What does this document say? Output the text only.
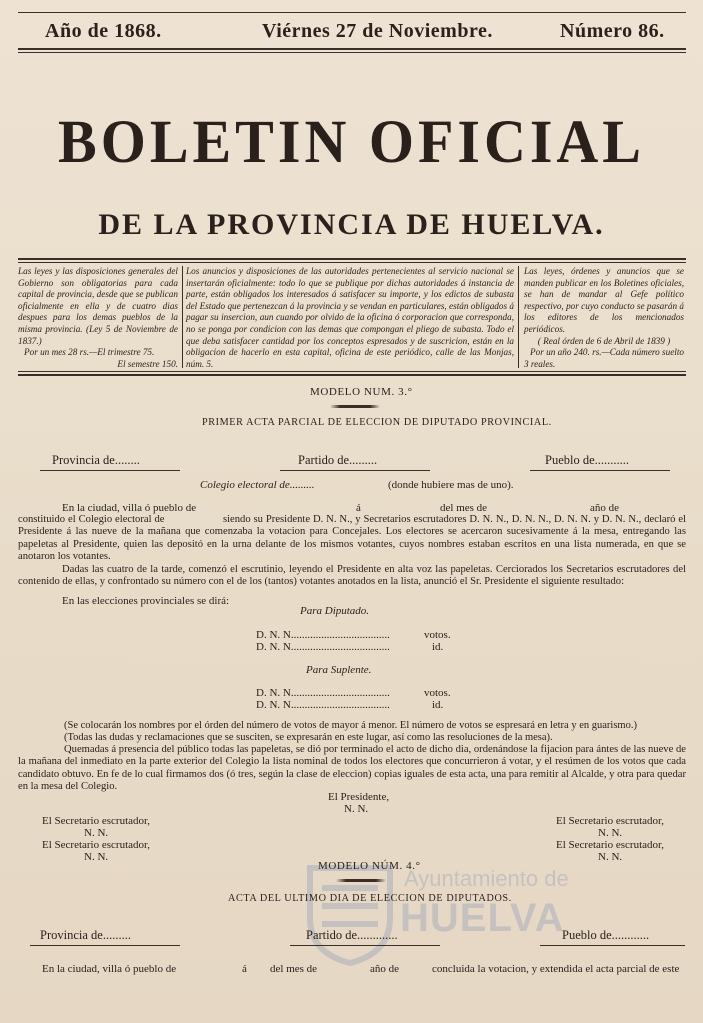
Año de 1868.	Viérnes 27 de Noviembre.	Número 86.
BOLETIN OFICIAL
DE LA PROVINCIA DE HUELVA.
Las leyes y las disposiciones generales del Gobierno son obligatorias para cada capital de provincia, desde que se publican oficialmente en ella y de cuatro dias despues para los demas pueblos de la misma provincia. (Ley 5 de Noviembre de 1837.)
Por un mes 28 rs.—El trimestre 75.
El semestre 150.
Los anuncios y disposiciones de las autoridades pertenecientes al servicio nacional se insertarán oficialmente: todo lo que se publique por dichas autoridades á instancia de parte, están obligados los interesados á satisfacer su importe, y los edictos de subasta del Estado que pertenezcan á la provincia y se vendan en particulares, están obligados á pagar su insercion, aun cuando por olvido de la oficina ó corporacion que corresponda, no se ponga por condicion con las demas que compongan el pliego de subasta. Todo el que deba satisfacer cantidad por los conceptos espresados y de suscricion, están en la obligacion de hacerlo en esta capital, oficina de este periódico, calle de las Monjas, núm. 5.
Las leyes, órdenes y anuncios que se manden publicar en los Boletines oficiales, se han de mandar al Gefe político respectivo, por cuyo conducto se pasarán á los editores de los mencionados periódicos.
( Real órden de 6 de Abril de 1839 )
Por un año 240. rs.—Cada número suelto 3 reales.
MODELO NUM. 3.°
PRIMER ACTA PARCIAL DE ELECCION DE DIPUTADO PROVINCIAL.
Provincia de........	Partido de.........	Pueblo de...........
Colegio electoral de.........	(donde hubiere mas de uno).
En la ciudad, villa ó pueblo de	á	del mes de	año de
constituido el Colegio electoral de                    siendo su Presidente D. N. N., y Secretarios escrutadores D. N. N., D. N. N., D. N. N. y D. N. N., declaró el Presidente á las nueve de la mañana que comenzaba la votacion para Concejales. Los electores se acercaron sucesivamente á la mesa, entregando las papeletas al Presidente, quien las depositó en la urna delante de los mismos votantes, cuyos nombres estaban escritos en una lista numerada, en que se anotaron los votantes.
Dadas las cuatro de la tarde, comenzó el escrutinio, leyendo el Presidente en alta voz las papeletas. Cerciorados los Secretarios escrutadores del contenido de ellas, y confrontado su número con el de los (tantos) votantes anotados en la lista, anunció el Sr. Presidente el siguiente resultado:
En las elecciones provinciales se dirá:
Para Diputado.
D. N. N....................................	votos.
D. N. N....................................	id.
Para Suplente.
D. N. N....................................	votos.
D. N. N....................................	id.
(Se colocarán los nombres por el órden del número de votos de mayor á menor. El número de votos se espresará en letra y en guarismo.)
(Todas las dudas y reclamaciones que se susciten, se expresarán en este lugar, así como las resoluciones de la mesa).
Quemadas á presencia del público todas las papeletas, se dió por terminado el acto de dicho dia, ordenándose la fijacion para ántes de las nueve de la mañana del inmediato en la parte exterior del Colegio la lista nominal de todos los electores que concurrieron á votar, y el resúmen de los votos que cada candidato obtuvo. En fe de lo cual firmamos dos (ó tres, según la clase de eleccion) copias iguales de esta acta, una para remitir al Alcalde, y otra para quedar en la mesa del Colegio.
El Presidente,
N. N.
El Secretario escrutador,
N. N.
El Secretario escrutador,
N. N.
El Secretario escrutador,
N. N.
El Secretario escrutador,
N. N.
Ayuntamiento de
HUELVA
MODELO NÚM. 4.°
ACTA DEL ULTIMO DIA DE ELECCION DE DIPUTADOS.
Provincia de.........	Partido de.............	Pueblo de............
En la ciudad, villa ó pueblo de	á del mes de	año de	concluida la votacion, y extendida el acta parcial de este
